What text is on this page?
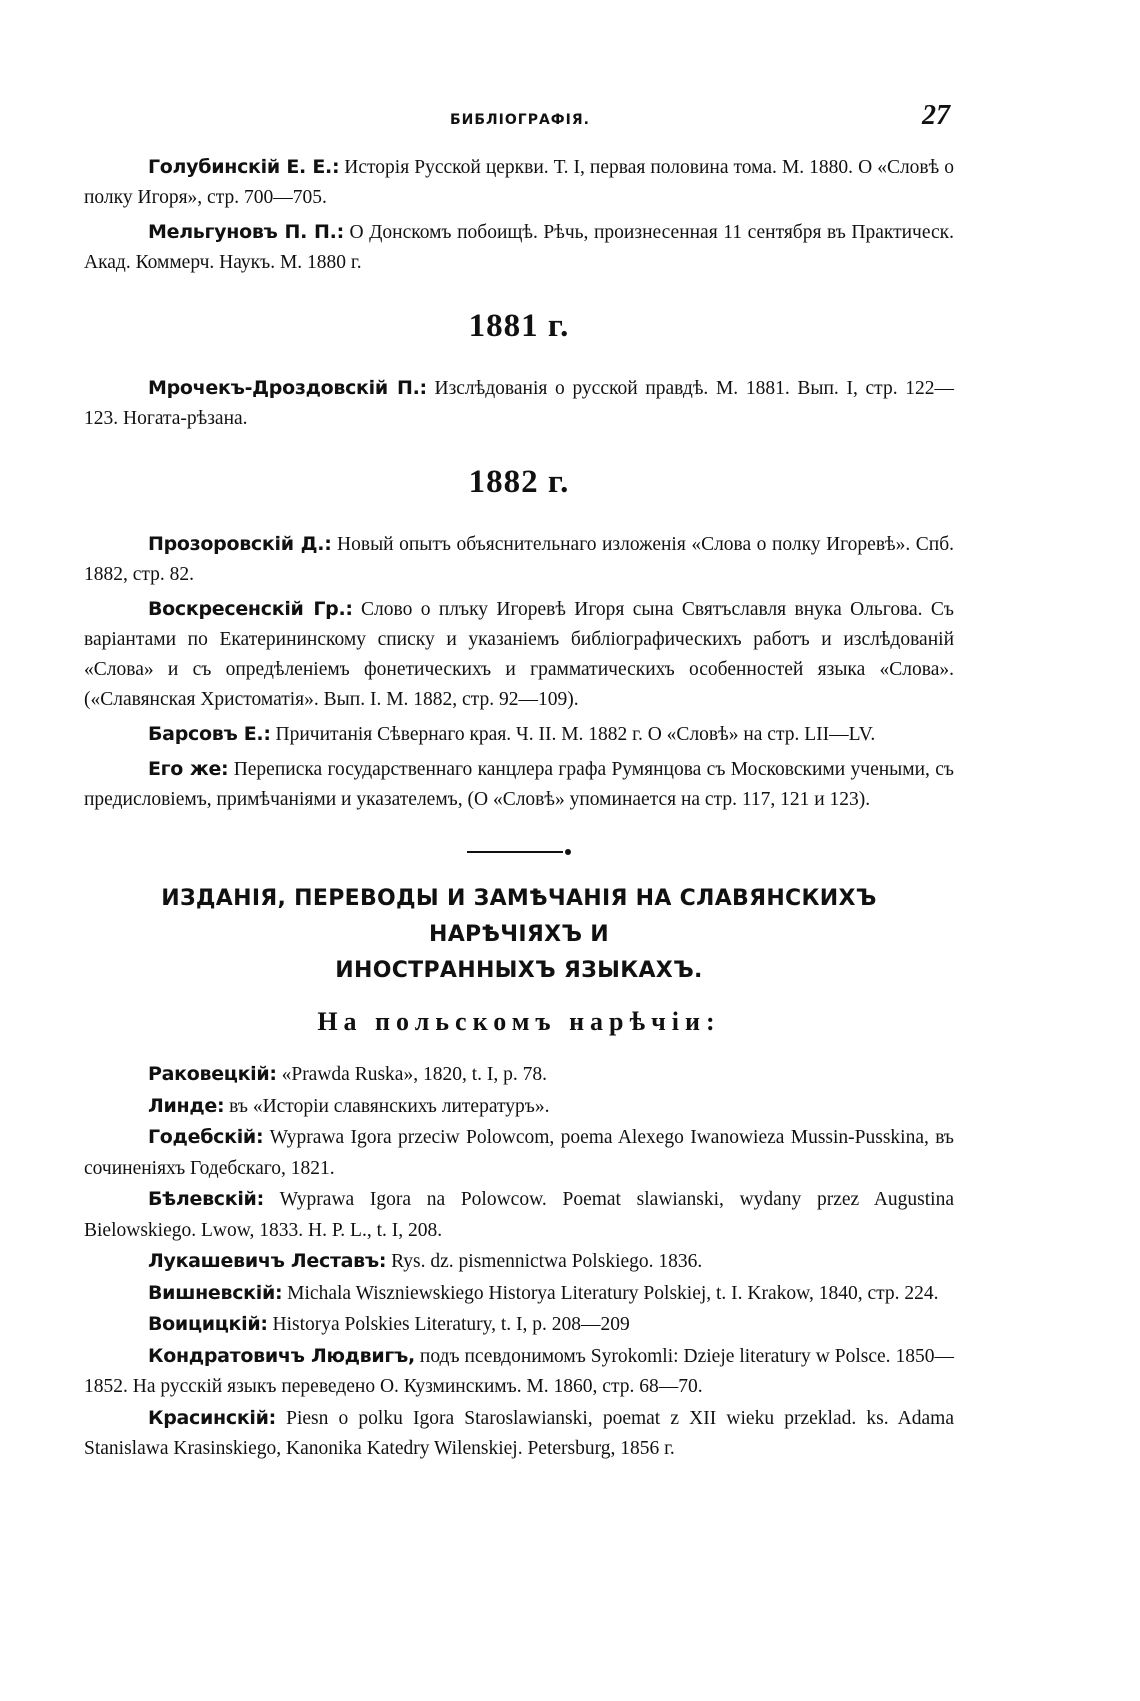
БИБЛІОГРАФІЯ.	27

Голубинскій Е. Е.: Исторія Русской церкви. Т. I, первая половина тома. М. 1880. О «Словѣ о полку Игоря», стр. 700—705.

Мельгуновъ П. П.: О Донскомъ побоищѣ. Рѣчь, произнесенная 11 сентября въ Практическ. Акад. Коммерч. Наукъ. М. 1880 г.

1881 г.

Мрочекъ-Дроздовскій П.: Изслѣдованія о русской правдѣ. М. 1881. Вып. I, стр. 122—123. Ногата-рѣзана.

1882 г.

Прозоровскій Д.: Новый опытъ объяснительнаго изложенія «Слова о полку Игоревѣ». Спб. 1882, стр. 82.

Воскресенскій Гр.: Слово о плъку Игоревѣ Игоря сына Святъславля внука Ольгова. Съ варіантами по Екатерининскому списку и указаніемъ библіографическихъ работъ и изслѣдованій «Слова» и съ опредѣленіемъ фонетическихъ и грамматическихъ особенностей языка «Слова». («Славянская Христоматія». Вып. I. М. 1882, стр. 92—109).

Барсовъ Е.: Причитанія Сѣвернаго края. Ч. II. М. 1882 г. О «Словѣ» на стр. LII—LV.

Его же: Переписка государственнаго канцлера графа Румянцова съ Московскими учеными, съ предисловіемъ, примѣчаніями и указателемъ, (О «Словѣ» упоминается на стр. 117, 121 и 123).

ИЗДАНІЯ, ПЕРЕВОДЫ И ЗАМѢЧАНІЯ НА СЛАВЯНСКИХЪ НАРѢЧІЯХЪ И
ИНОСТРАННЫХЪ ЯЗЫКАХЪ.
На польскомъ нарѣчіи:

Раковецкій: «Prawda Ruska», 1820, t. I, p. 78.

Линде: въ «Исторіи славянскихъ литературъ».

Годебскій: Wyprawa Igora przeciw Polowcom, poema Alexego Iwanowieza Mussin-Pusskina, въ сочиненіяхъ Годебскаго, 1821.

Бѣлевскій: Wyprawa Igora na Polowcow. Poemat slawianski, wydany przez Augustina Bielowskiego. Lwow, 1833. Н. Р. L., t. I, 208.

Лукашевичъ Леставъ: Rys. dz. pismennictwa Polskiego. 1836.

Вишневскій: Michala Wiszniewskiego Historya Literatury Polskiej, t. I. Krakow, 1840, стр. 224.

Воицицкій: Historya Polskies Literatury, t. I, p. 208—209

Кондратовичъ Людвигъ, подъ псевдонимомъ Syrokomli: Dzieje literatury w Polsce. 1850—1852. На русскій языкъ переведено О. Кузминскимъ. М. 1860, стр. 68—70.

Красинскій: Piesn o polku Igora Staroslawianski, poemat z XII wieku przeklad. ks. Adama Stanislawa Krasinskiego, Kanonika Katedry Wilenskiej. Petersburg, 1856 г.
